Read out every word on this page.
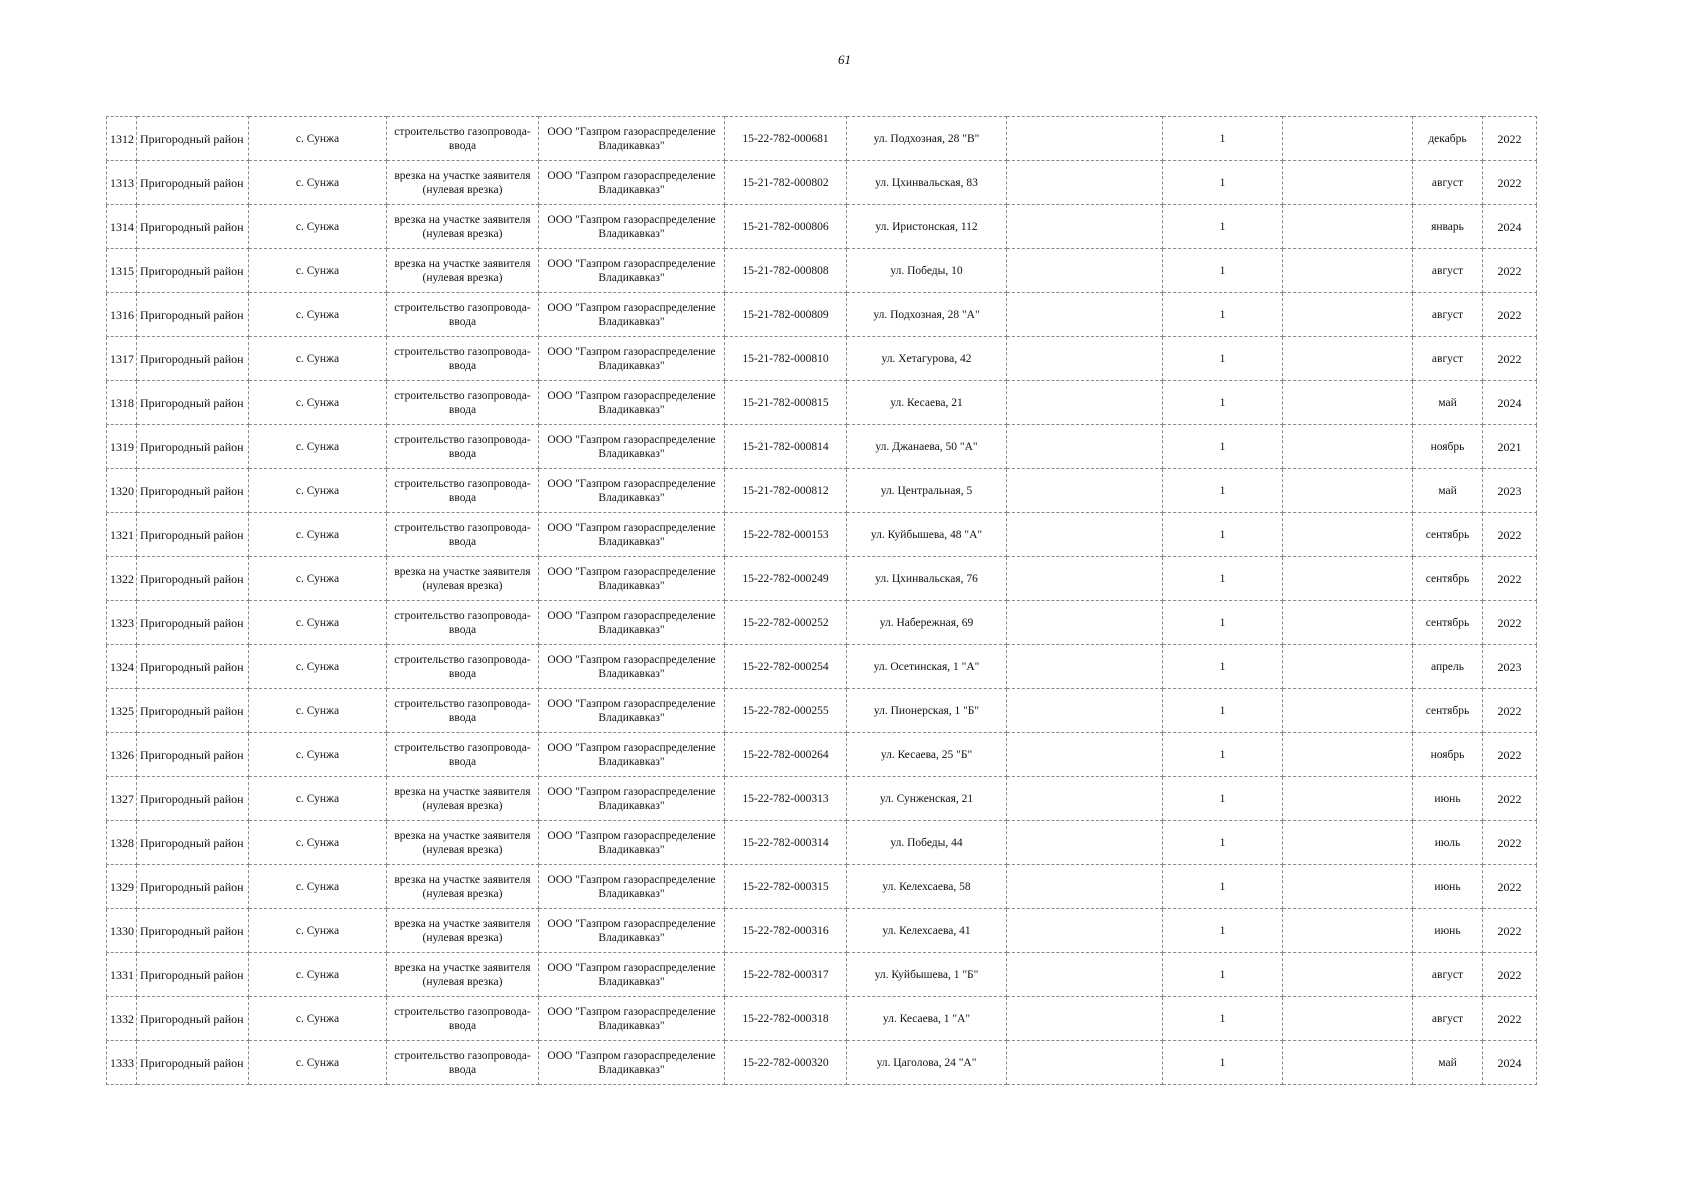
61
1312	Пригородный район	с. Сунжа	строительство газопровода-ввода	ООО "Газпром газораспределение Владикавказ"	15-22-782-000681	ул. Подхозная, 28 "В"		1		декабрь	2022
1313	Пригородный район	с. Сунжа	врезка на участке заявителя (нулевая врезка)	ООО "Газпром газораспределение Владикавказ"	15-21-782-000802	ул. Цхинвальская, 83		1		август	2022
1314	Пригородный район	с. Сунжа	врезка на участке заявителя (нулевая врезка)	ООО "Газпром газораспределение Владикавказ"	15-21-782-000806	ул. Иристонская, 112		1		январь	2024
1315	Пригородный район	с. Сунжа	врезка на участке заявителя (нулевая врезка)	ООО "Газпром газораспределение Владикавказ"	15-21-782-000808	ул. Победы, 10		1		август	2022
1316	Пригородный район	с. Сунжа	строительство газопровода-ввода	ООО "Газпром газораспределение Владикавказ"	15-21-782-000809	ул. Подхозная, 28 "А"		1		август	2022
1317	Пригородный район	с. Сунжа	строительство газопровода-ввода	ООО "Газпром газораспределение Владикавказ"	15-21-782-000810	ул. Хетагурова, 42		1		август	2022
1318	Пригородный район	с. Сунжа	строительство газопровода-ввода	ООО "Газпром газораспределение Владикавказ"	15-21-782-000815	ул. Кесаева, 21		1		май	2024
1319	Пригородный район	с. Сунжа	строительство газопровода-ввода	ООО "Газпром газораспределение Владикавказ"	15-21-782-000814	ул. Джанаева, 50 "А"		1		ноябрь	2021
1320	Пригородный район	с. Сунжа	строительство газопровода-ввода	ООО "Газпром газораспределение Владикавказ"	15-21-782-000812	ул. Центральная, 5		1		май	2023
1321	Пригородный район	с. Сунжа	строительство газопровода-ввода	ООО "Газпром газораспределение Владикавказ"	15-22-782-000153	ул. Куйбышева, 48 "А"		1		сентябрь	2022
1322	Пригородный район	с. Сунжа	врезка на участке заявителя (нулевая врезка)	ООО "Газпром газораспределение Владикавказ"	15-22-782-000249	ул. Цхинвальская, 76		1		сентябрь	2022
1323	Пригородный район	с. Сунжа	строительство газопровода-ввода	ООО "Газпром газораспределение Владикавказ"	15-22-782-000252	ул. Набережная, 69		1		сентябрь	2022
1324	Пригородный район	с. Сунжа	строительство газопровода-ввода	ООО "Газпром газораспределение Владикавказ"	15-22-782-000254	ул. Осетинская, 1 "А"		1		апрель	2023
1325	Пригородный район	с. Сунжа	строительство газопровода-ввода	ООО "Газпром газораспределение Владикавказ"	15-22-782-000255	ул. Пионерская, 1 "Б"		1		сентябрь	2022
1326	Пригородный район	с. Сунжа	строительство газопровода-ввода	ООО "Газпром газораспределение Владикавказ"	15-22-782-000264	ул. Кесаева, 25 "Б"		1		ноябрь	2022
1327	Пригородный район	с. Сунжа	врезка на участке заявителя (нулевая врезка)	ООО "Газпром газораспределение Владикавказ"	15-22-782-000313	ул. Сунженская, 21		1		июнь	2022
1328	Пригородный район	с. Сунжа	врезка на участке заявителя (нулевая врезка)	ООО "Газпром газораспределение Владикавказ"	15-22-782-000314	ул. Победы, 44		1		июль	2022
1329	Пригородный район	с. Сунжа	врезка на участке заявителя (нулевая врезка)	ООО "Газпром газораспределение Владикавказ"	15-22-782-000315	ул. Келехсаева, 58		1		июнь	2022
1330	Пригородный район	с. Сунжа	врезка на участке заявителя (нулевая врезка)	ООО "Газпром газораспределение Владикавказ"	15-22-782-000316	ул. Келехсаева, 41		1		июнь	2022
1331	Пригородный район	с. Сунжа	врезка на участке заявителя (нулевая врезка)	ООО "Газпром газораспределение Владикавказ"	15-22-782-000317	ул. Куйбышева, 1 "Б"		1		август	2022
1332	Пригородный район	с. Сунжа	строительство газопровода-ввода	ООО "Газпром газораспределение Владикавказ"	15-22-782-000318	ул. Кесаева, 1 "А"		1		август	2022
1333	Пригородный район	с. Сунжа	строительство газопровода-ввода	ООО "Газпром газораспределение Владикавказ"	15-22-782-000320	ул. Цаголова, 24 "А"		1		май	2024
